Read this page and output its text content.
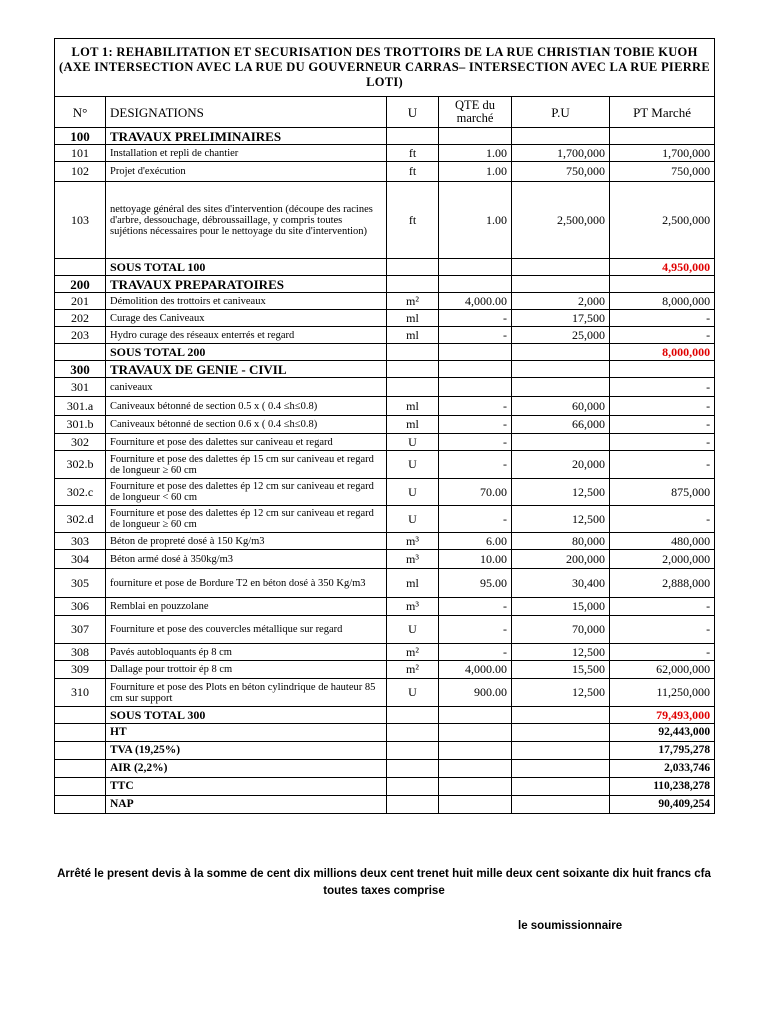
LOT 1: REHABILITATION ET SECURISATION DES TROTTOIRS DE LA RUE CHRISTIAN TOBIE KUOH (AXE INTERSECTION AVEC LA RUE DU GOUVERNEUR CARRAS– INTERSECTION AVEC LA RUE PIERRE LOTI)					
N°	DESIGNATIONS	U	QTE du marché	P.U	PT Marché
100	TRAVAUX PRELIMINAIRES				
101	Installation et repli de chantier	ft	1.00	1,700,000	1,700,000
102	Projet d'exécution	ft	1.00	750,000	750,000
103	nettoyage général des sites d'intervention (découpe des racines d'arbre, dessouchage, débroussaillage, y compris toutes sujétions nécessaires pour le nettoyage du site d'intervention)	ft	1.00	2,500,000	2,500,000
	SOUS TOTAL 100				4,950,000
200	TRAVAUX PREPARATOIRES				
201	Démolition des trottoirs et caniveaux	m²	4,000.00	2,000	8,000,000
202	Curage des Caniveaux	ml	-	17,500	-
203	Hydro curage des réseaux enterrés et regard	ml	-	25,000	-
	SOUS TOTAL 200				8,000,000
300	TRAVAUX DE GENIE - CIVIL				
301	caniveaux				-
301.a	Caniveaux bétonné de section 0.5 x ( 0.4 ≤h≤0.8)	ml	-	60,000	-
301.b	Caniveaux bétonné de section 0.6 x ( 0.4 ≤h≤0.8)	ml	-	66,000	-
302	Fourniture et pose des dalettes sur caniveau et regard	U	-		-
302.b	Fourniture et pose des dalettes ép 15 cm sur caniveau et regard de longueur ≥ 60 cm	U	-	20,000	-
302.c	Fourniture et pose des dalettes ép 12 cm sur caniveau et regard de longueur < 60 cm	U	70.00	12,500	875,000
302.d	Fourniture et pose des dalettes ép 12 cm sur caniveau et regard de longueur ≥ 60 cm	U	-	12,500	-
303	Béton de propreté dosé à 150 Kg/m3	m³	6.00	80,000	480,000
304	Béton armé dosé à 350kg/m3	m³	10.00	200,000	2,000,000
305	fourniture et pose de Bordure T2 en béton dosé à 350 Kg/m3	ml	95.00	30,400	2,888,000
306	Remblai en pouzzolane	m³	-	15,000	-
307	Fourniture et pose des couvercles métallique sur regard	U	-	70,000	-
308	Pavés autobloquants ép 8 cm	m²	-	12,500	-
309	Dallage pour trottoir ép 8 cm	m²	4,000.00	15,500	62,000,000
310	Fourniture et pose des Plots en béton cylindrique de hauteur 85 cm sur support	U	900.00	12,500	11,250,000
	SOUS TOTAL 300				79,493,000
	HT				92,443,000
	TVA (19,25%)				17,795,278
	AIR (2,2%)				2,033,746
	TTC				110,238,278
	NAP				90,409,254
Arrêté le present devis à la somme de cent dix millions deux cent trenet huit mille deux cent soixante dix huit francs cfa toutes taxes comprise
le soumissionnaire
